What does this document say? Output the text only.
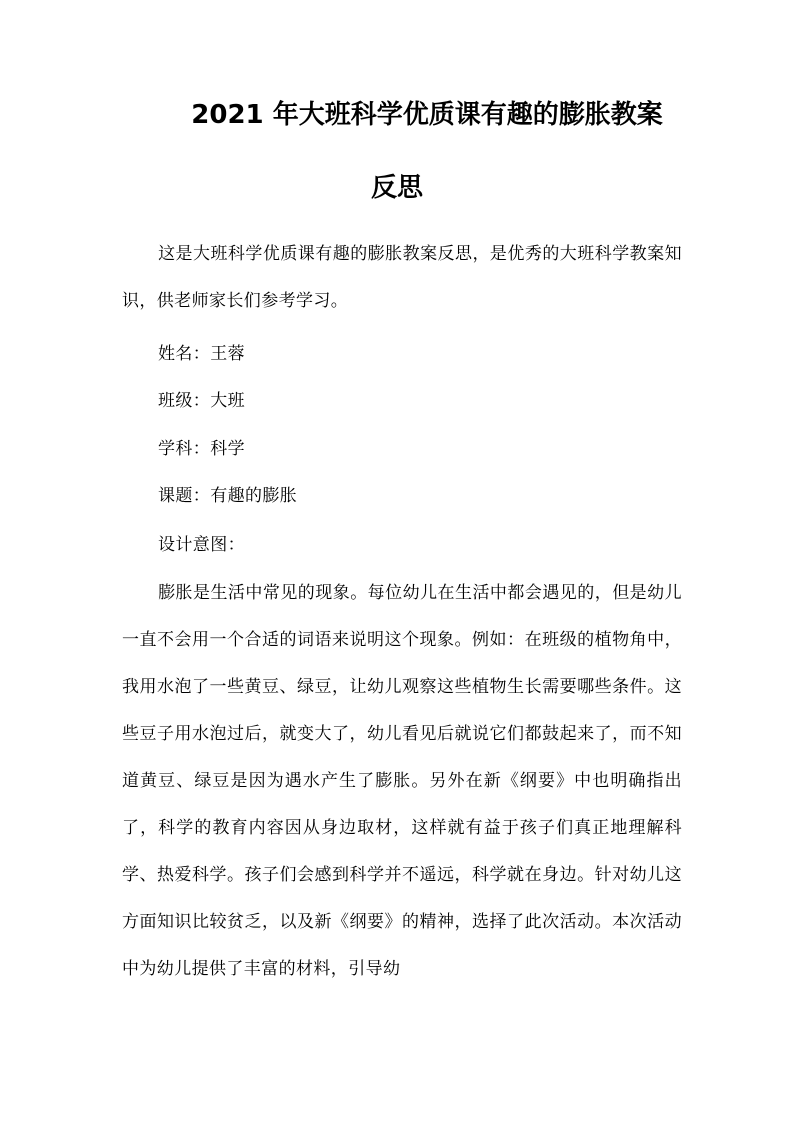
2021 年大班科学优质课有趣的膨胀教案
反思
这是大班科学优质课有趣的膨胀教案反思，是优秀的大班科学教案知识，供老师家长们参考学习。
姓名：王蓉
班级：大班
学科：科学
课题：有趣的膨胀
设计意图：
膨胀是生活中常见的现象。每位幼儿在生活中都会遇见的，但是幼儿一直不会用一个合适的词语来说明这个现象。例如：在班级的植物角中，我用水泡了一些黄豆、绿豆，让幼儿观察这些植物生长需要哪些条件。这些豆子用水泡过后，就变大了，幼儿看见后就说它们都鼓起来了，而不知道黄豆、绿豆是因为遇水产生了膨胀。另外在新《纲要》中也明确指出了，科学的教育内容因从身边取材，这样就有益于孩子们真正地理解科学、热爱科学。孩子们会感到科学并不遥远，科学就在身边。针对幼儿这方面知识比较贫乏，以及新《纲要》的精神，选择了此次活动。本次活动中为幼儿提供了丰富的材料，引导幼
